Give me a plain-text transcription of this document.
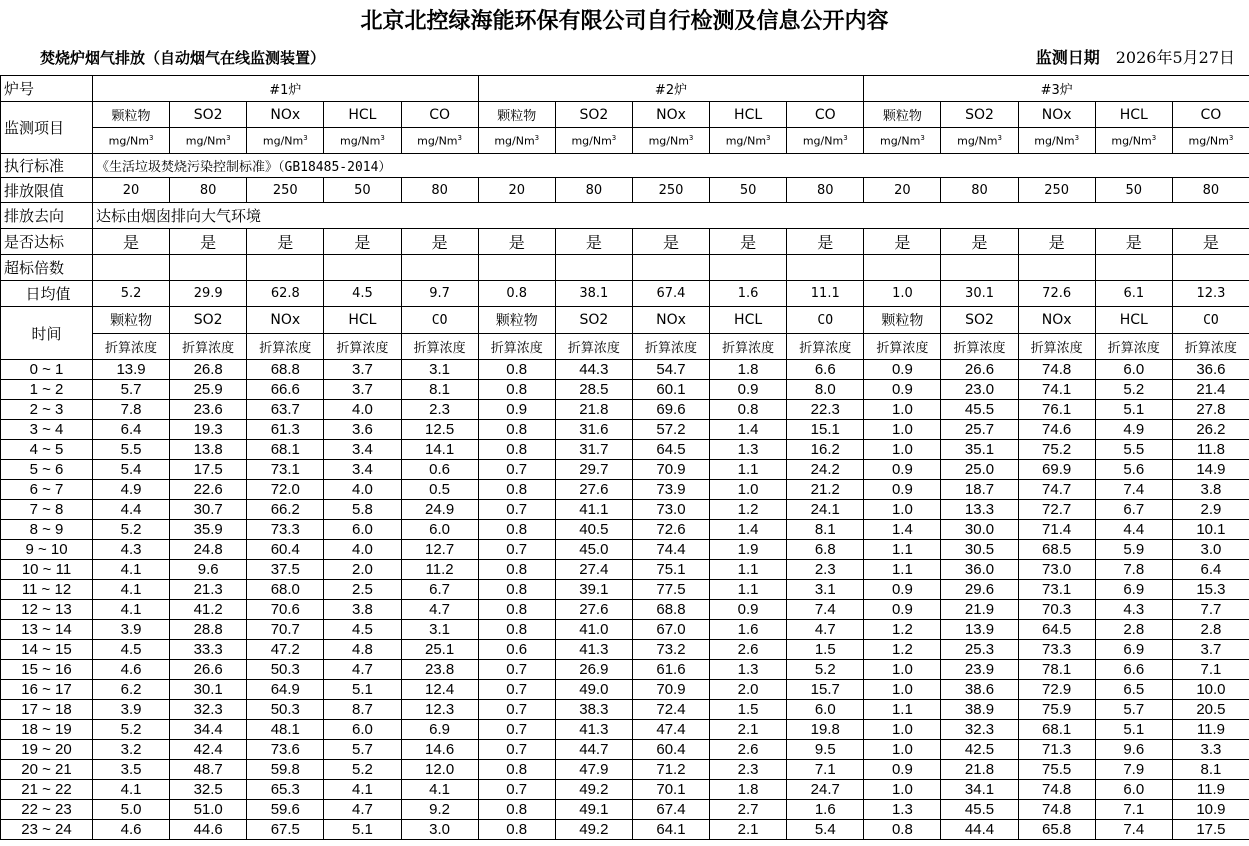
北京北控绿海能环保有限公司自行检测及信息公开内容
焚烧炉烟气排放（自动烟气在线监测装置）	监测日期 2026年5月27日
炉号	#1炉					#2炉					#3炉				
监测项目	颗粒物	SO2	NOx	HCL	CO	颗粒物	SO2	NOx	HCL	CO	颗粒物	SO2	NOx	HCL	CO
	mg/Nm$^3$	mg/Nm$^3$	mg/Nm$^3$	mg/Nm$^3$	mg/Nm$^3$	mg/Nm$^3$	mg/Nm$^3$	mg/Nm$^3$	mg/Nm$^3$	mg/Nm$^3$	mg/Nm$^3$	mg/Nm$^3$	mg/Nm$^3$	mg/Nm$^3$	mg/Nm$^3$
执行标准	《生活垃圾焚烧污染控制标准》（GB18485-2014）														
排放限值	20	80	250	50	80	20	80	250	50	80	20	80	250	50	80
排放去向	达标由烟囱排向大气环境														
是否达标	是	是	是	是	是	是	是	是	是	是	是	是	是	是	是
超标倍数															
日均值	5.2	29.9	62.8	4.5	9.7	0.8	38.1	67.4	1.6	11.1	1.0	30.1	72.6	6.1	12.3
时间	颗粒物	SO2	NOx	HCL	CO	颗粒物	SO2	NOx	HCL	CO	颗粒物	SO2	NOx	HCL	CO
	折算浓度	折算浓度	折算浓度	折算浓度	折算浓度	折算浓度	折算浓度	折算浓度	折算浓度	折算浓度	折算浓度	折算浓度	折算浓度	折算浓度	折算浓度
0 ~ 1	13.9	26.8	68.8	3.7	3.1	0.8	44.3	54.7	1.8	6.6	0.9	26.6	74.8	6.0	36.6
1 ~ 2	5.7	25.9	66.6	3.7	8.1	0.8	28.5	60.1	0.9	8.0	0.9	23.0	74.1	5.2	21.4
2 ~ 3	7.8	23.6	63.7	4.0	2.3	0.9	21.8	69.6	0.8	22.3	1.0	45.5	76.1	5.1	27.8
3 ~ 4	6.4	19.3	61.3	3.6	12.5	0.8	31.6	57.2	1.4	15.1	1.0	25.7	74.6	4.9	26.2
4 ~ 5	5.5	13.8	68.1	3.4	14.1	0.8	31.7	64.5	1.3	16.2	1.0	35.1	75.2	5.5	11.8
5 ~ 6	5.4	17.5	73.1	3.4	0.6	0.7	29.7	70.9	1.1	24.2	0.9	25.0	69.9	5.6	14.9
6 ~ 7	4.9	22.6	72.0	4.0	0.5	0.8	27.6	73.9	1.0	21.2	0.9	18.7	74.7	7.4	3.8
7 ~ 8	4.4	30.7	66.2	5.8	24.9	0.7	41.1	73.0	1.2	24.1	1.0	13.3	72.7	6.7	2.9
8 ~ 9	5.2	35.9	73.3	6.0	6.0	0.8	40.5	72.6	1.4	8.1	1.4	30.0	71.4	4.4	10.1
9 ~ 10	4.3	24.8	60.4	4.0	12.7	0.7	45.0	74.4	1.9	6.8	1.1	30.5	68.5	5.9	3.0
10 ~ 11	4.1	9.6	37.5	2.0	11.2	0.8	27.4	75.1	1.1	2.3	1.1	36.0	73.0	7.8	6.4
11 ~ 12	4.1	21.3	68.0	2.5	6.7	0.8	39.1	77.5	1.1	3.1	0.9	29.6	73.1	6.9	15.3
12 ~ 13	4.1	41.2	70.6	3.8	4.7	0.8	27.6	68.8	0.9	7.4	0.9	21.9	70.3	4.3	7.7
13 ~ 14	3.9	28.8	70.7	4.5	3.1	0.8	41.0	67.0	1.6	4.7	1.2	13.9	64.5	2.8	2.8
14 ~ 15	4.5	33.3	47.2	4.8	25.1	0.6	41.3	73.2	2.6	1.5	1.2	25.3	73.3	6.9	3.7
15 ~ 16	4.6	26.6	50.3	4.7	23.8	0.7	26.9	61.6	1.3	5.2	1.0	23.9	78.1	6.6	7.1
16 ~ 17	6.2	30.1	64.9	5.1	12.4	0.7	49.0	70.9	2.0	15.7	1.0	38.6	72.9	6.5	10.0
17 ~ 18	3.9	32.3	50.3	8.7	12.3	0.7	38.3	72.4	1.5	6.0	1.1	38.9	75.9	5.7	20.5
18 ~ 19	5.2	34.4	48.1	6.0	6.9	0.7	41.3	47.4	2.1	19.8	1.0	32.3	68.1	5.1	11.9
19 ~ 20	3.2	42.4	73.6	5.7	14.6	0.7	44.7	60.4	2.6	9.5	1.0	42.5	71.3	9.6	3.3
20 ~ 21	3.5	48.7	59.8	5.2	12.0	0.8	47.9	71.2	2.3	7.1	0.9	21.8	75.5	7.9	8.1
21 ~ 22	4.1	32.5	65.3	4.1	4.1	0.7	49.2	70.1	1.8	24.7	1.0	34.1	74.8	6.0	11.9
22 ~ 23	5.0	51.0	59.6	4.7	9.2	0.8	49.1	67.4	2.7	1.6	1.3	45.5	74.8	7.1	10.9
23 ~ 24	4.6	44.6	67.5	5.1	3.0	0.8	49.2	64.1	2.1	5.4	0.8	44.4	65.8	7.4	17.5
